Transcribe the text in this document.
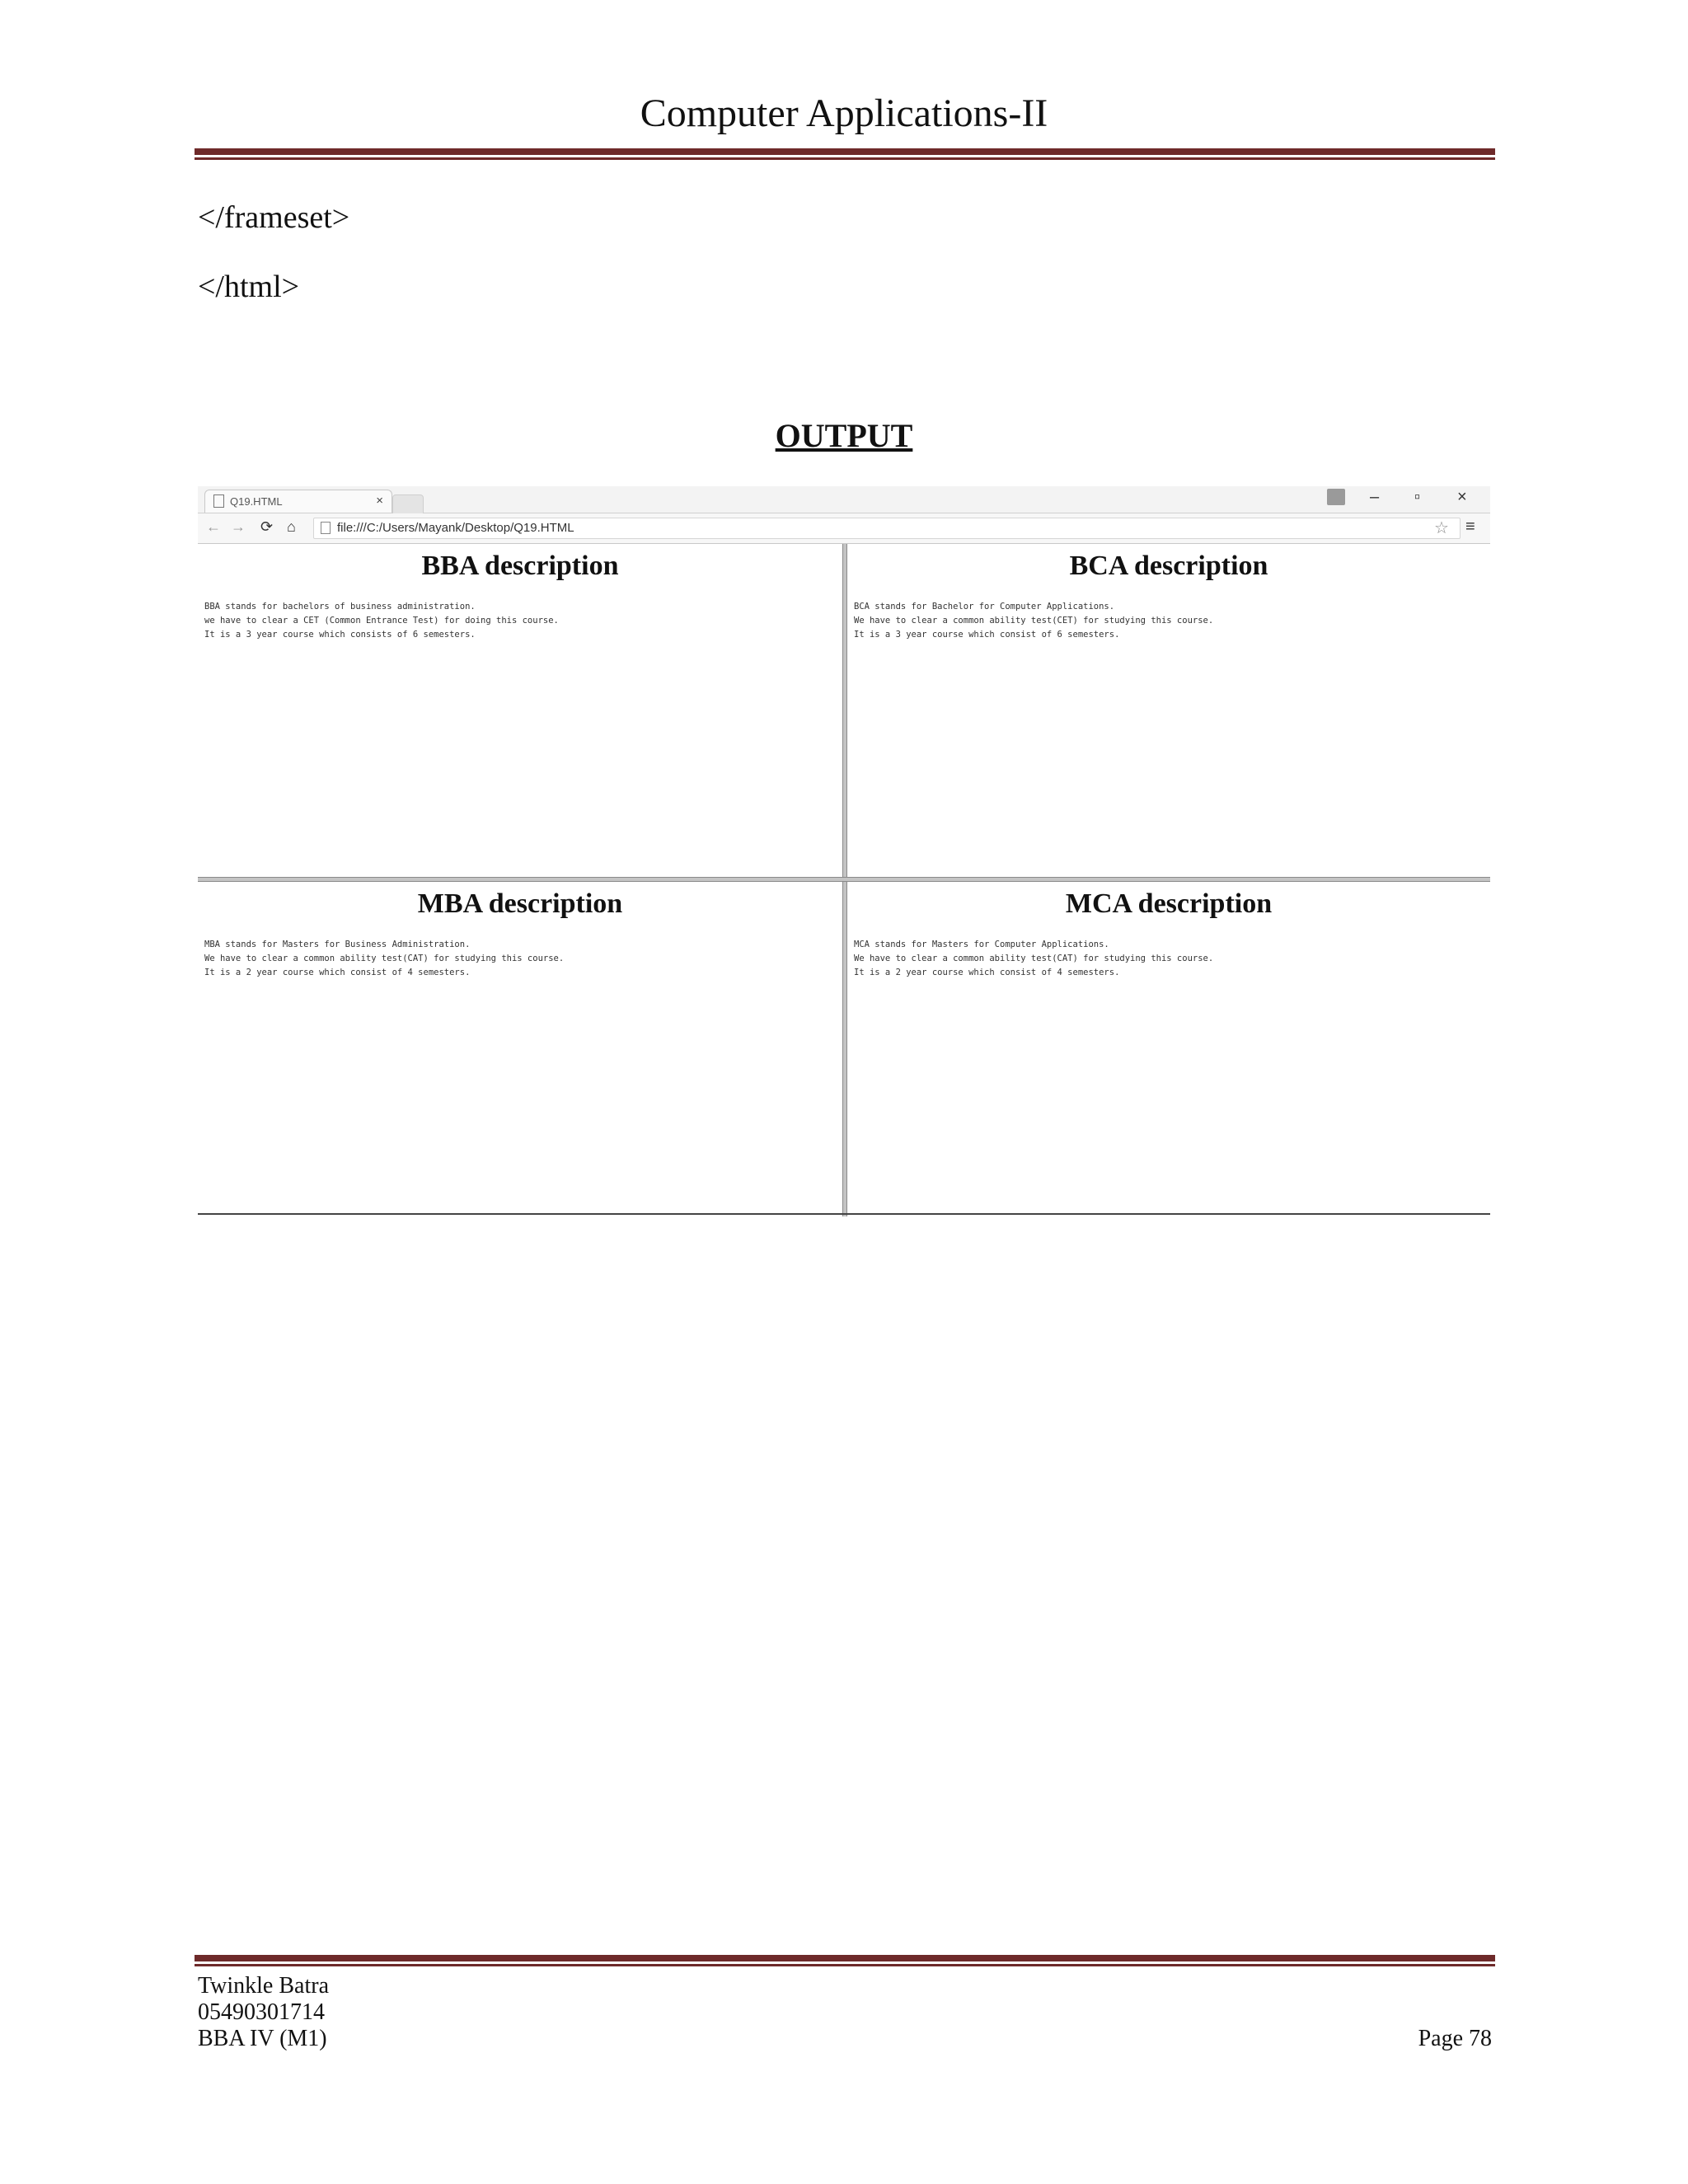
Computer Applications-II
</frameset>
</html>
OUTPUT
Q19.HTML	×	– ▫ ×
← → ⟳ ⌂	file:///C:/Users/Mayank/Desktop/Q19.HTML	☆ ≡
BBA description
BBA stands for bachelors of business administration.
we have to clear a CET (Common Entrance Test) for doing this course.
It is a 3 year course which consists of 6 semesters.
BCA description
BCA stands for Bachelor for Computer Applications.
We have to clear a common ability test(CET) for studying this course.
It is a 3 year course which consist of 6 semesters.
MBA description
MBA stands for Masters for Business Administration.
We have to clear a common ability test(CAT) for studying this course.
It is a 2 year course which consist of 4 semesters.
MCA description
MCA stands for Masters for Computer Applications.
We have to clear a common ability test(CAT) for studying this course.
It is a 2 year course which consist of 4 semesters.
Twinkle Batra
05490301714
BBA IV (M1)	Page 78
